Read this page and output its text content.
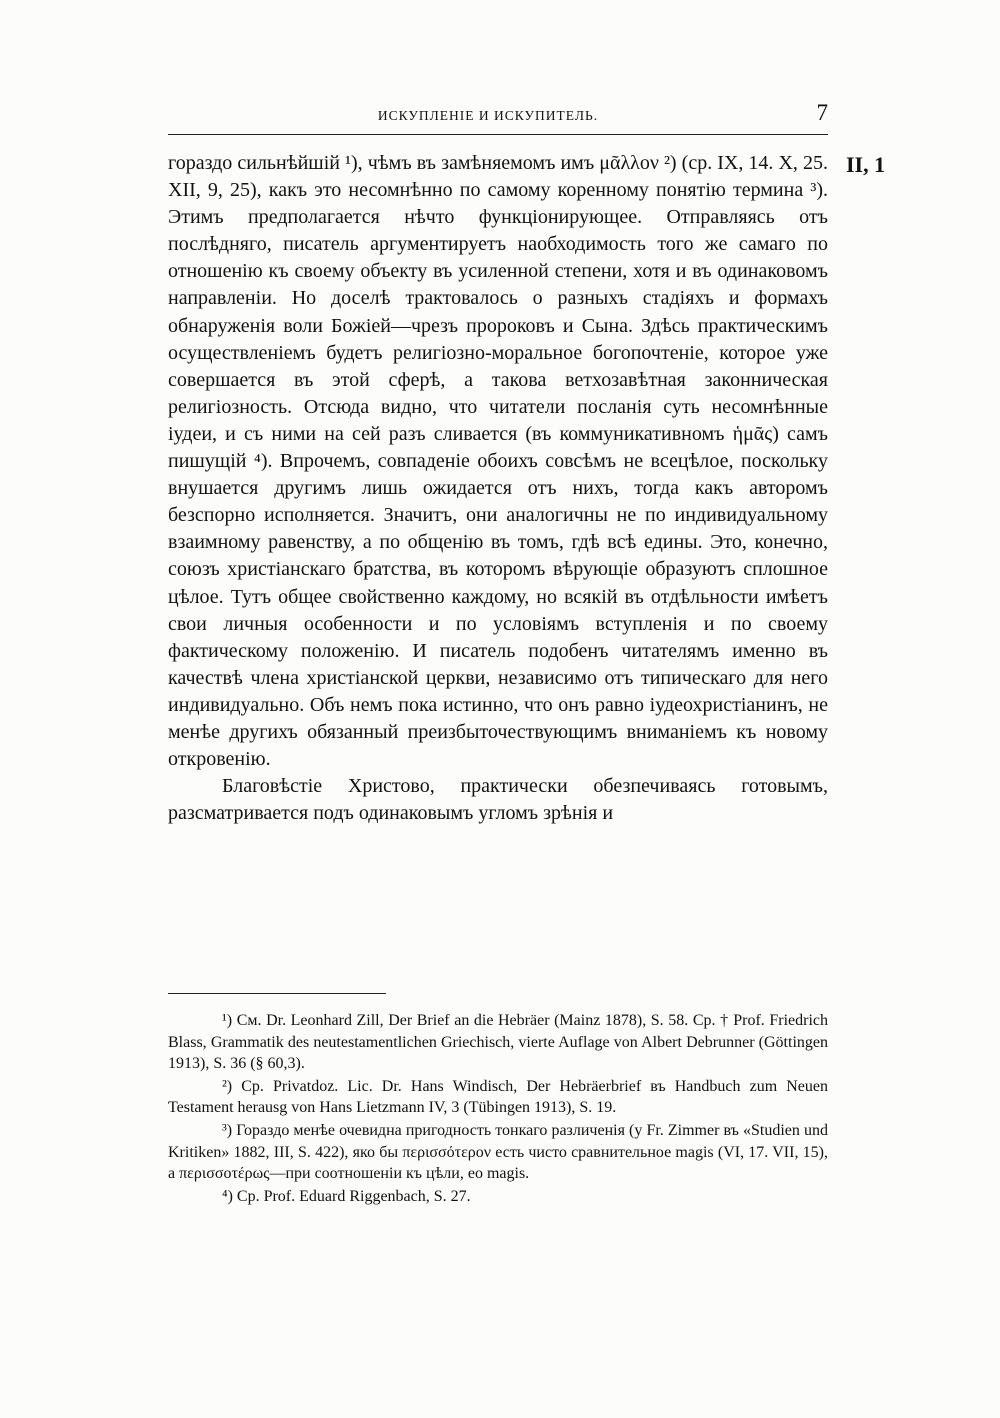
ИСКУПЛЕНІЕ И ИСКУПИТЕЛЬ.	7
II, 1

гораздо сильнѣйшій ¹), чѣмъ въ замѣняемомъ имъ μᾶλλον ²) (ср. IX, 14. X, 25. XII, 9, 25), какъ это несомнѣнно по самому коренному понятію термина ³). Этимъ предполагается нѣчто функціонирующее. Отправляясь отъ послѣдняго, писатель аргументируетъ наобходимость того же самаго по отношенію къ своему объекту въ усиленной степени, хотя и въ одинаковомъ направленіи. Но доселѣ трактовалось о разныхъ стадіяхъ и формахъ обнаруженія воли Божіей—чрезъ пророковъ и Сына. Здѣсь практическимъ осуществленіемъ будетъ религіозно-моральное богопочтеніе, которое уже совершается въ этой сферѣ, а такова ветхозавѣтная законническая религіозность. Отсюда видно, что читатели посланія суть несомнѣнные іудеи, и съ ними на сей разъ сливается (въ коммуникативномъ ἡμᾶς) самъ пишущій ⁴). Впрочемъ, совпаденіе обоихъ совсѣмъ не всецѣлое, поскольку внушается другимъ лишь ожидается отъ нихъ, тогда какъ авторомъ безспорно исполняется. Значитъ, они аналогичны не по индивидуальному взаимному равенству, а по общенію въ томъ, гдѣ всѣ едины. Это, конечно, союзъ христіанскаго братства, въ которомъ вѣрующіе образуютъ сплошное цѣлое. Тутъ общее свойственно каждому, но всякій въ отдѣльности имѣетъ свои личныя особенности и по условіямъ вступленія и по своему фактическому положенію. И писатель подобенъ читателямъ именно въ качествѣ члена христіанской церкви, независимо отъ типическаго для него индивидуально. Объ немъ пока истинно, что онъ равно іудеохристіанинъ, не менѣе другихъ обязанный преизбыточествующимъ вниманіемъ къ новому откровенію.

Благовѣстіе Христово, практически обезпечиваясь готовымъ, разсматривается подъ одинаковымъ угломъ зрѣнія и

¹) См. Dr. Leonhard Zill, Der Brief an die Hebräer (Mainz 1878), S. 58. Ср. † Prof. Friedrich Blass, Grammatik des neutestamentlichen Griechisch, vierte Auflage von Albert Debrunner (Göttingen 1913), S. 36 (§ 60,3).

²) Ср. Privatdoz. Lic. Dr. Hans Windisch, Der Hebräerbrief въ Handbuch zum Neuen Testament herausg von Hans Lietzmann IV, 3 (Tübingen 1913), S. 19.

³) Гораздо менѣе очевидна пригодность тонкаго различенія (у Fr. Zimmer въ «Studien und Kritiken» 1882, III, S. 422), яко бы περισσότερον есть чисто сравнительное magis (VI, 17. VII, 15), а περισσοτέρως—при соотношеніи къ цѣли, ео magis.

⁴) Ср. Prof. Eduard Riggenbach, S. 27.
